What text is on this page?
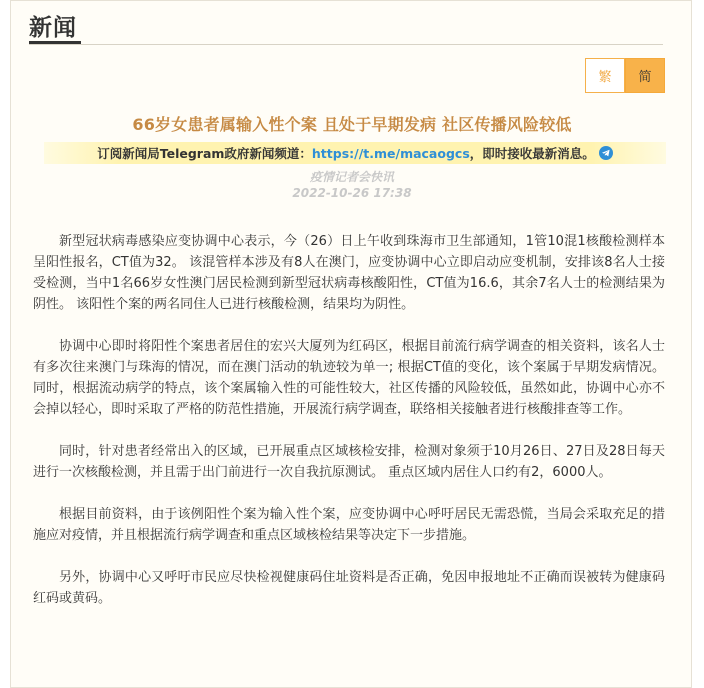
新闻
繁	简
66岁女患者属输入性个案 且处于早期发病 社区传播风险较低
订阅新闻局Telegram政府新闻频道： https://t.me/macaogcs ，即时接收最新消息。
疫情记者会快讯
2022-10-26 17:38

新型冠状病毒感染应变协调中心表示，今（26）日上午收到珠海市卫生部通知，1管10混1核酸检测样本呈阳性报名，CT值为32。 该混管样本涉及有8人在澳门，应变协调中心立即启动应变机制，安排该8名人士接受检测，当中1名66岁女性澳门居民检测到新型冠状病毒核酸阳性，CT值为16.6，其余7名人士的检测结果为阴性。 该阳性个案的两名同住人已进行核酸检测，结果均为阴性。

协调中心即时将阳性个案患者居住的宏兴大厦列为红码区，根据目前流行病学调查的相关资料，该名人士有多次往来澳门与珠海的情况，而在澳门活动的轨迹较为单一; 根据CT值的变化，该个案属于早期发病情况。 同时，根据流动病学的特点，该个案属输入性的可能性较大，社区传播的风险较低，虽然如此，协调中心亦不会掉以轻心，即时采取了严格的防范性措施，开展流行病学调查，联络相关接触者进行核酸排查等工作。

同时，针对患者经常出入的区域，已开展重点区域核检安排，检测对象须于10月26日、27日及28日每天进行一次核酸检测，并且需于出门前进行一次自我抗原测试。 重点区域内居住人口约有2，6000人。

根据目前资料，由于该例阳性个案为输入性个案，应变协调中心呼吁居民无需恐慌，当局会采取充足的措施应对疫情，并且根据流行病学调查和重点区域核检结果等决定下一步措施。

另外，协调中心又呼吁市民应尽快检视健康码住址资料是否正确，免因申报地址不正确而误被转为健康码红码或黄码。
